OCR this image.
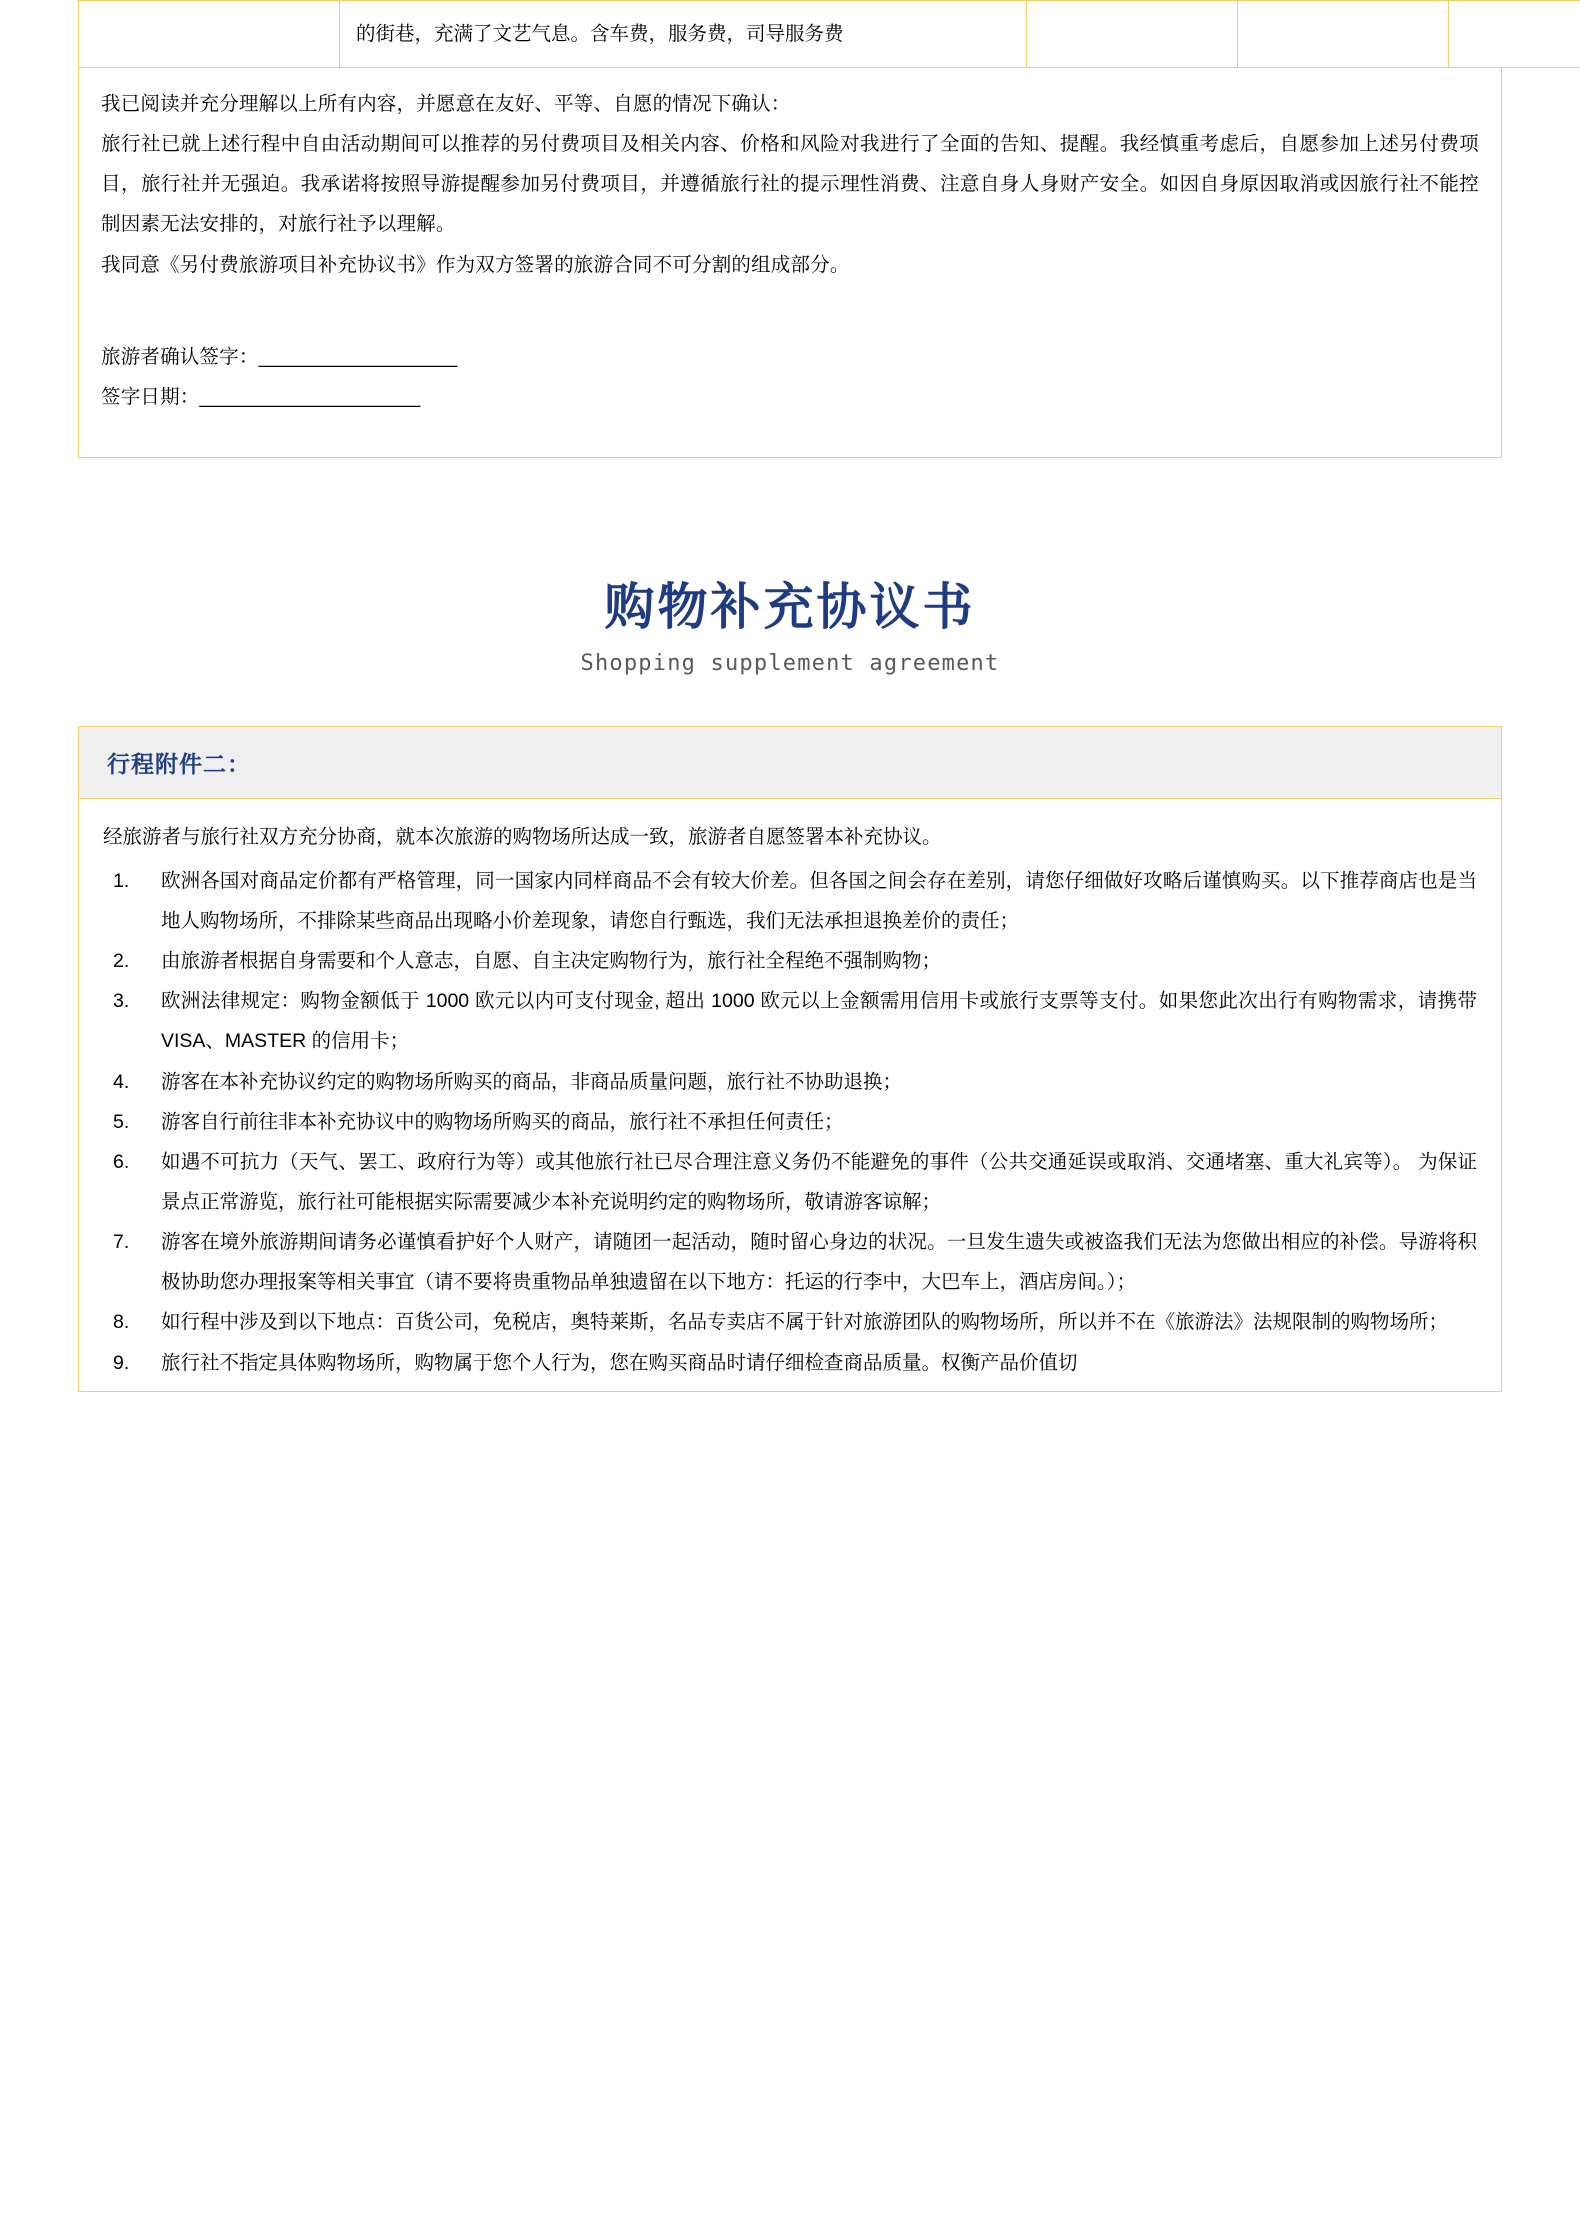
	的街巷，充满了文艺气息。含车费，服务费，司导服务费			

我已阅读并充分理解以上所有内容，并愿意在友好、平等、自愿的情况下确认：

旅行社已就上述行程中自由活动期间可以推荐的另付费项目及相关内容、价格和风险对我进行了全面的告知、提醒。我经慎重考虑后，自愿参加上述另付费项目，旅行社并无强迫。我承诺将按照导游提醒参加另付费项目，并遵循旅行社的提示理性消费、注意自身人身财产安全。如因自身原因取消或因旅行社不能控制因素无法安排的，对旅行社予以理解。

我同意《另付费旅游项目补充协议书》作为双方签署的旅游合同不可分割的组成部分。

旅游者确认签字：__________________

签字日期：____________________

购物补充协议书
Shopping supplement agreement
行程附件二：

经旅游者与旅行社双方充分协商，就本次旅游的购物场所达成一致，旅游者自愿签署本补充协议。

1.	欧洲各国对商品定价都有严格管理，同一国家内同样商品不会有较大价差。但各国之间会存在差别，请您仔细做好攻略后谨慎购买。以下推荐商店也是当地人购物场所，不排除某些商品出现略小价差现象，请您自行甄选，我们无法承担退换差价的责任；
2.	由旅游者根据自身需要和个人意志，自愿、自主决定购物行为，旅行社全程绝不强制购物；
3.	欧洲法律规定：购物金额低于 1000 欧元以内可支付现金, 超出 1000 欧元以上金额需用信用卡或旅行支票等支付。如果您此次出行有购物需求，请携带 VISA、MASTER 的信用卡；
4.	游客在本补充协议约定的购物场所购买的商品，非商品质量问题，旅行社不协助退换；
5.	游客自行前往非本补充协议中的购物场所购买的商品，旅行社不承担任何责任；
6.	如遇不可抗力（天气、罢工、政府行为等）或其他旅行社已尽合理注意义务仍不能避免的事件（公共交通延误或取消、交通堵塞、重大礼宾等）。 为保证景点正常游览，旅行社可能根据实际需要减少本补充说明约定的购物场所，敬请游客谅解；
7.	游客在境外旅游期间请务必谨慎看护好个人财产，请随团一起活动，随时留心身边的状况。一旦发生遗失或被盗我们无法为您做出相应的补偿。导游将积极协助您办理报案等相关事宜（请不要将贵重物品单独遗留在以下地方：托运的行李中，大巴车上，酒店房间。）；
8.	如行程中涉及到以下地点：百货公司，免税店，奥特莱斯，名品专卖店不属于针对旅游团队的购物场所，所以并不在《旅游法》法规限制的购物场所；
9.	旅行社不指定具体购物场所，购物属于您个人行为，您在购买商品时请仔细检查商品质量。权衡产品价值切
